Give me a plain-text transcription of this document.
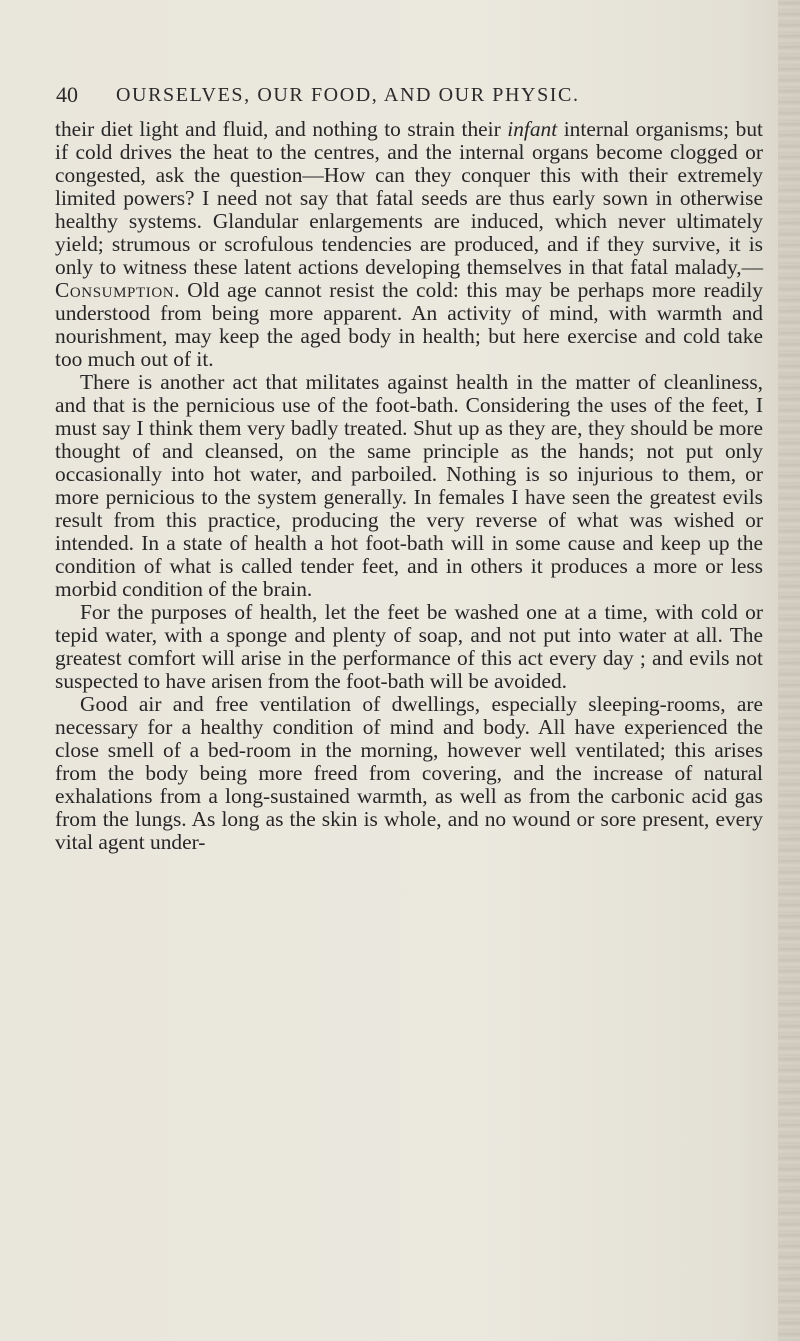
40 OURSELVES, OUR FOOD, AND OUR PHYSIC.

their diet light and fluid, and nothing to strain their infant internal organisms; but if cold drives the heat to the centres, and the internal organs become clogged or congested, ask the question—How can they conquer this with their extremely limited powers? I need not say that fatal seeds are thus early sown in otherwise healthy systems. Glandular enlargements are induced, which never ultimately yield; strumous or scrofulous tendencies are produced, and if they survive, it is only to witness these latent actions developing themselves in that fatal malady,—Consumption. Old age cannot resist the cold: this may be perhaps more readily understood from being more apparent. An activity of mind, with warmth and nourishment, may keep the aged body in health; but here exercise and cold take too much out of it.

There is another act that militates against health in the matter of cleanliness, and that is the pernicious use of the foot-bath. Considering the uses of the feet, I must say I think them very badly treated. Shut up as they are, they should be more thought of and cleansed, on the same principle as the hands; not put only occasionally into hot water, and parboiled. Nothing is so injurious to them, or more pernicious to the system generally. In females I have seen the greatest evils result from this practice, producing the very reverse of what was wished or intended. In a state of health a hot foot-bath will in some cause and keep up the condition of what is called tender feet, and in others it produces a more or less morbid condition of the brain.

For the purposes of health, let the feet be washed one at a time, with cold or tepid water, with a sponge and plenty of soap, and not put into water at all. The greatest comfort will arise in the performance of this act every day ; and evils not suspected to have arisen from the foot-bath will be avoided.

Good air and free ventilation of dwellings, especially sleeping-rooms, are necessary for a healthy condition of mind and body. All have experienced the close smell of a bed-room in the morning, however well ventilated; this arises from the body being more freed from covering, and the increase of natural exhalations from a long-sustained warmth, as well as from the carbonic acid gas from the lungs. As long as the skin is whole, and no wound or sore present, every vital agent under-
